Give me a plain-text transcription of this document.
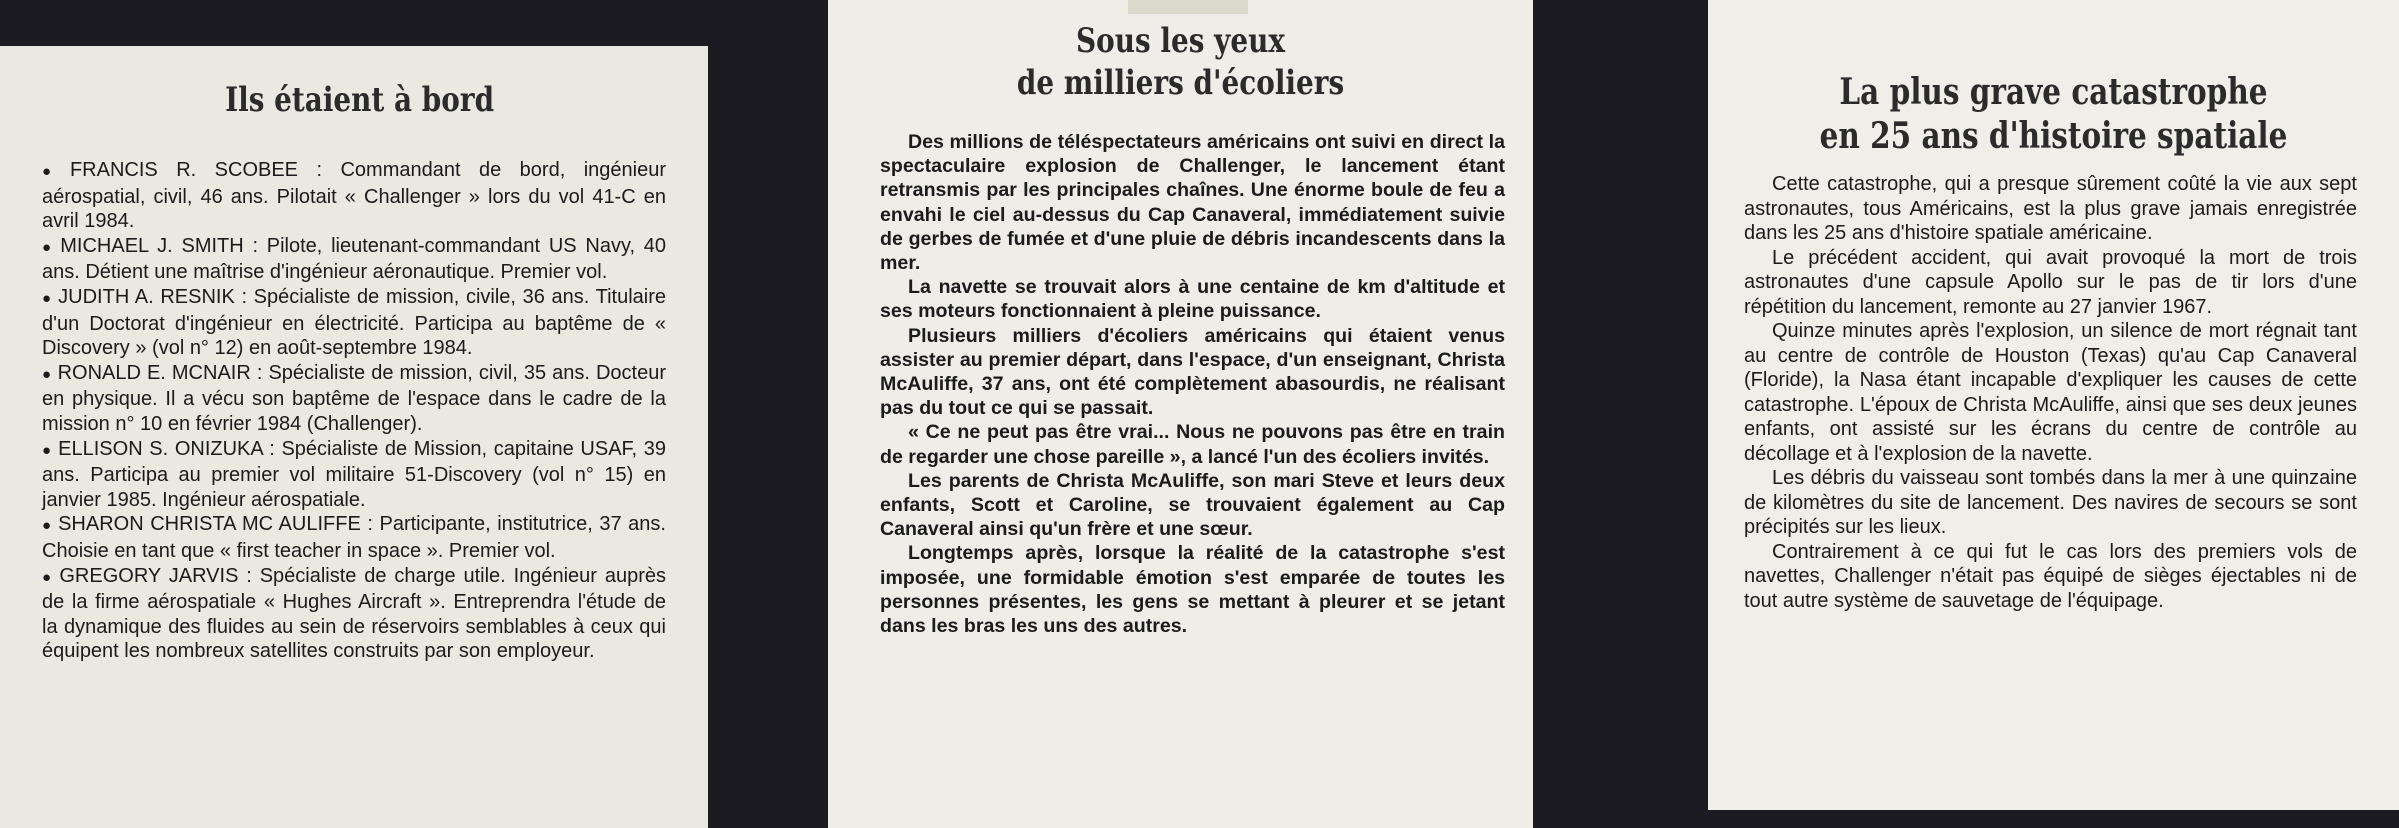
Ils étaient à bord

● FRANCIS R. SCOBEE : Commandant de bord, ingénieur aérospatial, civil, 46 ans. Pilotait « Challenger » lors du vol 41-C en avril 1984.

● MICHAEL J. SMITH : Pilote, lieutenant-commandant US Navy, 40 ans. Détient une maîtrise d'ingénieur aéronautique. Premier vol.

● JUDITH A. RESNIK : Spécialiste de mission, civile, 36 ans. Titulaire d'un Doctorat d'ingénieur en électricité. Participa au baptême de « Discovery » (vol n° 12) en août-septembre 1984.

● RONALD E. MCNAIR : Spécialiste de mission, civil, 35 ans. Docteur en physique. Il a vécu son baptême de l'espace dans le cadre de la mission n° 10 en février 1984 (Challenger).

● ELLISON S. ONIZUKA : Spécialiste de Mission, capitaine USAF, 39 ans. Participa au premier vol militaire 51-Discovery (vol n° 15) en janvier 1985. Ingénieur aérospatiale.

● SHARON CHRISTA MC AULIFFE : Participante, institutrice, 37 ans. Choisie en tant que « first teacher in space ». Premier vol.

● GREGORY JARVIS : Spécialiste de charge utile. Ingénieur auprès de la firme aérospatiale « Hughes Aircraft ». Entreprendra l'étude de la dynamique des fluides au sein de réservoirs semblables à ceux qui équipent les nombreux satellites construits par son employeur.

Sous les yeux
de milliers d'écoliers

Des millions de téléspectateurs américains ont suivi en direct la spectaculaire explosion de Challenger, le lancement étant retransmis par les principales chaînes. Une énorme boule de feu a envahi le ciel au-dessus du Cap Canaveral, immédiatement suivie de gerbes de fumée et d'une pluie de débris incandescents dans la mer.

La navette se trouvait alors à une centaine de km d'altitude et ses moteurs fonctionnaient à pleine puissance.

Plusieurs milliers d'écoliers américains qui étaient venus assister au premier départ, dans l'espace, d'un enseignant, Christa McAuliffe, 37 ans, ont été complètement abasourdis, ne réalisant pas du tout ce qui se passait.

« Ce ne peut pas être vrai... Nous ne pouvons pas être en train de regarder une chose pareille », a lancé l'un des écoliers invités.

Les parents de Christa McAuliffe, son mari Steve et leurs deux enfants, Scott et Caroline, se trouvaient également au Cap Canaveral ainsi qu'un frère et une sœur.

Longtemps après, lorsque la réalité de la catastrophe s'est imposée, une formidable émotion s'est emparée de toutes les personnes présentes, les gens se mettant à pleurer et se jetant dans les bras les uns des autres.

La plus grave catastrophe
en 25 ans d'histoire spatiale

Cette catastrophe, qui a presque sûrement coûté la vie aux sept astronautes, tous Américains, est la plus grave jamais enregistrée dans les 25 ans d'histoire spatiale américaine.

Le précédent accident, qui avait provoqué la mort de trois astronautes d'une capsule Apollo sur le pas de tir lors d'une répétition du lancement, remonte au 27 janvier 1967.

Quinze minutes après l'explosion, un silence de mort régnait tant au centre de contrôle de Houston (Texas) qu'au Cap Canaveral (Floride), la Nasa étant incapable d'expliquer les causes de cette catastrophe. L'époux de Christa McAuliffe, ainsi que ses deux jeunes enfants, ont assisté sur les écrans du centre de contrôle au décollage et à l'explosion de la navette.

Les débris du vaisseau sont tombés dans la mer à une quinzaine de kilomètres du site de lancement. Des navires de secours se sont précipités sur les lieux.

Contrairement à ce qui fut le cas lors des premiers vols de navettes, Challenger n'était pas équipé de sièges éjectables ni de tout autre système de sauvetage de l'équipage.
